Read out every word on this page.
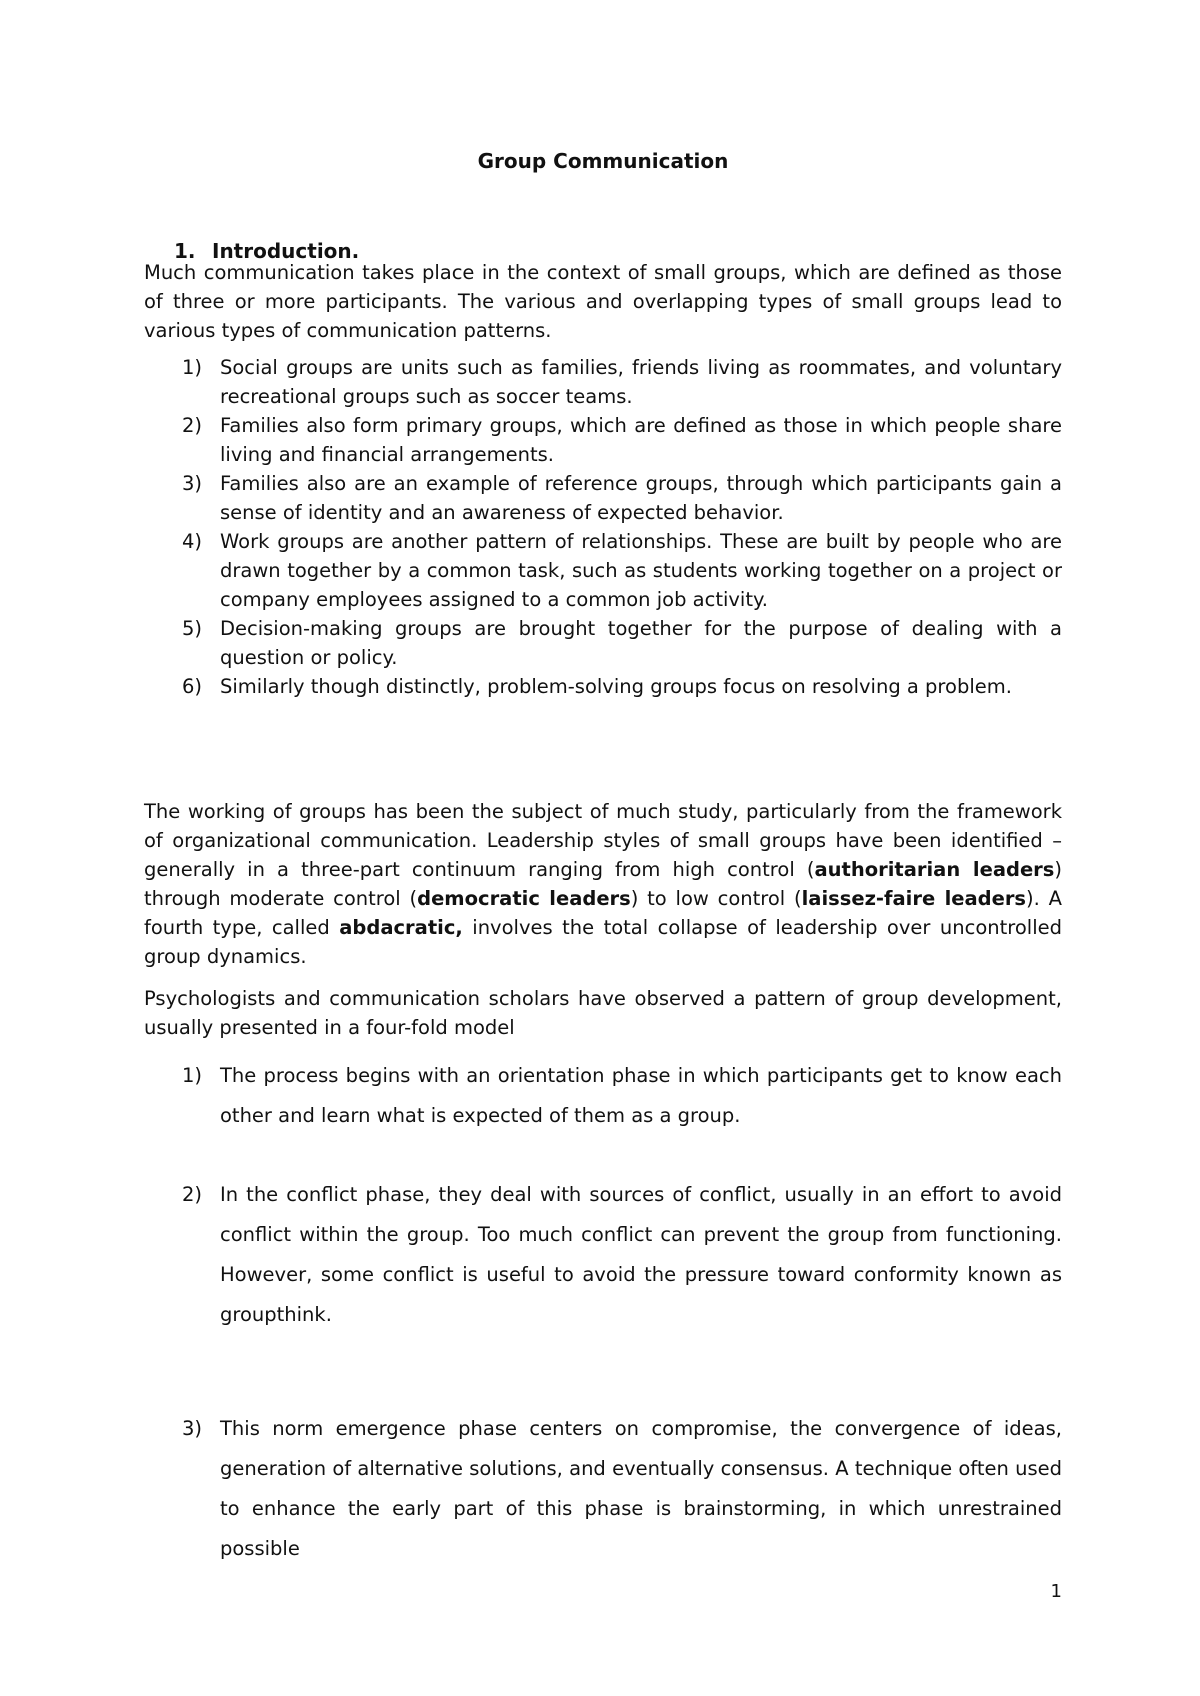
Group Communication
1. Introduction.

Much communication takes place in the context of small groups, which are defined as those of three or more participants. The various and overlapping types of small groups lead to various types of communication patterns.

1) Social groups are units such as families, friends living as roommates, and voluntary recreational groups such as soccer teams.
2) Families also form primary groups, which are defined as those in which people share living and financial arrangements.
3) Families also are an example of reference groups, through which participants gain a sense of identity and an awareness of expected behavior.
4) Work groups are another pattern of relationships. These are built by people who are drawn together by a common task, such as students working together on a project or company employees assigned to a common job activity.
5) Decision-making groups are brought together for the purpose of dealing with a question or policy.
6) Similarly though distinctly, problem-solving groups focus on resolving a problem.

The working of groups has been the subject of much study, particularly from the framework of organizational communication. Leadership styles of small groups have been identified – generally in a three-part continuum ranging from high control (authoritarian leaders) through moderate control (democratic leaders) to low control (laissez-faire leaders). A fourth type, called abdacratic, involves the total collapse of leadership over uncontrolled group dynamics.

Psychologists and communication scholars have observed a pattern of group development, usually presented in a four-fold model

1) The process begins with an orientation phase in which participants get to know each other and learn what is expected of them as a group.
2) In the conflict phase, they deal with sources of conflict, usually in an effort to avoid conflict within the group. Too much conflict can prevent the group from functioning. However, some conflict is useful to avoid the pressure toward conformity known as groupthink.
3) This norm emergence phase centers on compromise, the convergence of ideas, generation of alternative solutions, and eventually consensus. A technique often used to enhance the early part of this phase is brainstorming, in which unrestrained possible
1
